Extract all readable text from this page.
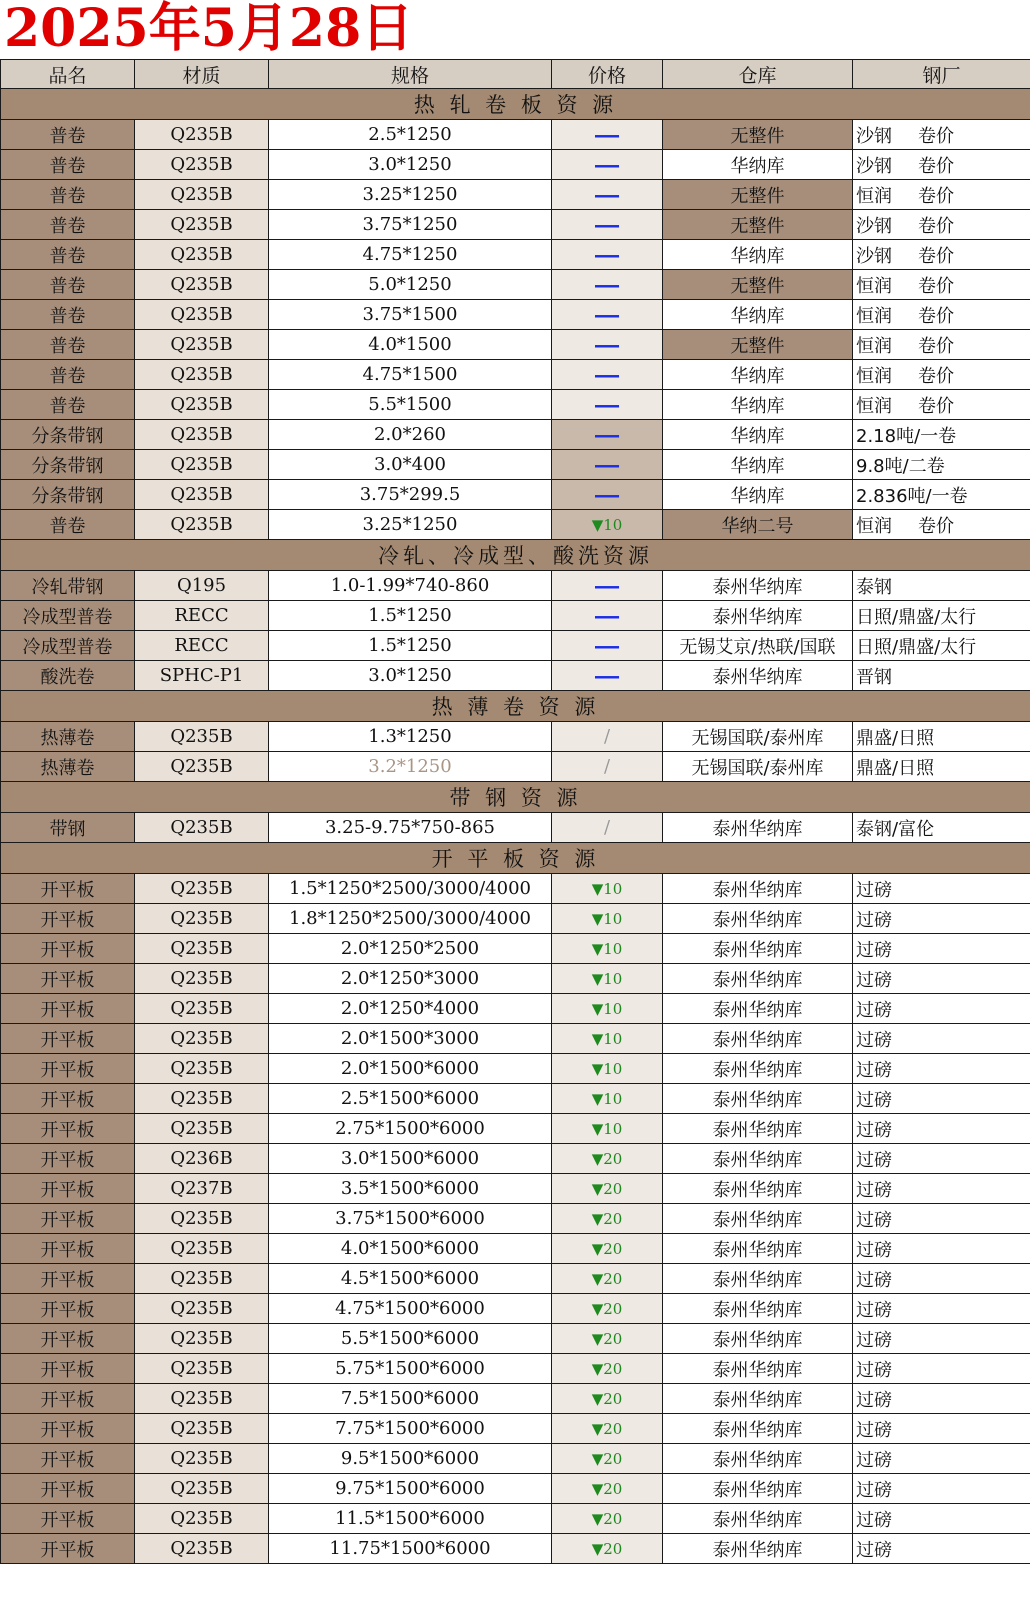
2025年5月28日
品名	材质	规格	价格	仓库	钢厂
热 轧 卷 板 资 源					
普卷	Q235B	2.5*1250	——	无整件	沙钢 卷价
普卷	Q235B	3.0*1250	——	华纳库	沙钢 卷价
普卷	Q235B	3.25*1250	——	无整件	恒润 卷价
普卷	Q235B	3.75*1250	——	无整件	沙钢 卷价
普卷	Q235B	4.75*1250	——	华纳库	沙钢 卷价
普卷	Q235B	5.0*1250	——	无整件	恒润 卷价
普卷	Q235B	3.75*1500	——	华纳库	恒润 卷价
普卷	Q235B	4.0*1500	——	无整件	恒润 卷价
普卷	Q235B	4.75*1500	——	华纳库	恒润 卷价
普卷	Q235B	5.5*1500	——	华纳库	恒润 卷价
分条带钢	Q235B	2.0*260	——	华纳库	2.18吨/一卷
分条带钢	Q235B	3.0*400	——	华纳库	9.8吨/二卷
分条带钢	Q235B	3.75*299.5	——	华纳库	2.836吨/一卷
普卷	Q235B	3.25*1250	▼10	华纳二号	恒润 卷价
冷轧、冷成型、酸洗资源					
冷轧带钢	Q195	1.0-1.99*740-860	——	泰州华纳库	泰钢
冷成型普卷	RECC	1.5*1250	——	泰州华纳库	日照/鼎盛/太行
冷成型普卷	RECC	1.5*1250	——	无锡艾京/热联/国联	日照/鼎盛/太行
酸洗卷	SPHC-P1	3.0*1250	——	泰州华纳库	晋钢
热 薄 卷 资 源					
热薄卷	Q235B	1.3*1250	/	无锡国联/泰州库	鼎盛/日照
热薄卷	Q235B	3.2*1250	/	无锡国联/泰州库	鼎盛/日照
带 钢 资 源					
带钢	Q235B	3.25-9.75*750-865	/	泰州华纳库	泰钢/富伦
开 平 板 资 源					
开平板	Q235B	1.5*1250*2500/3000/4000	▼10	泰州华纳库	过磅
开平板	Q235B	1.8*1250*2500/3000/4000	▼10	泰州华纳库	过磅
开平板	Q235B	2.0*1250*2500	▼10	泰州华纳库	过磅
开平板	Q235B	2.0*1250*3000	▼10	泰州华纳库	过磅
开平板	Q235B	2.0*1250*4000	▼10	泰州华纳库	过磅
开平板	Q235B	2.0*1500*3000	▼10	泰州华纳库	过磅
开平板	Q235B	2.0*1500*6000	▼10	泰州华纳库	过磅
开平板	Q235B	2.5*1500*6000	▼10	泰州华纳库	过磅
开平板	Q235B	2.75*1500*6000	▼10	泰州华纳库	过磅
开平板	Q236B	3.0*1500*6000	▼20	泰州华纳库	过磅
开平板	Q237B	3.5*1500*6000	▼20	泰州华纳库	过磅
开平板	Q235B	3.75*1500*6000	▼20	泰州华纳库	过磅
开平板	Q235B	4.0*1500*6000	▼20	泰州华纳库	过磅
开平板	Q235B	4.5*1500*6000	▼20	泰州华纳库	过磅
开平板	Q235B	4.75*1500*6000	▼20	泰州华纳库	过磅
开平板	Q235B	5.5*1500*6000	▼20	泰州华纳库	过磅
开平板	Q235B	5.75*1500*6000	▼20	泰州华纳库	过磅
开平板	Q235B	7.5*1500*6000	▼20	泰州华纳库	过磅
开平板	Q235B	7.75*1500*6000	▼20	泰州华纳库	过磅
开平板	Q235B	9.5*1500*6000	▼20	泰州华纳库	过磅
开平板	Q235B	9.75*1500*6000	▼20	泰州华纳库	过磅
开平板	Q235B	11.5*1500*6000	▼20	泰州华纳库	过磅
开平板	Q235B	11.75*1500*6000	▼20	泰州华纳库	过磅
